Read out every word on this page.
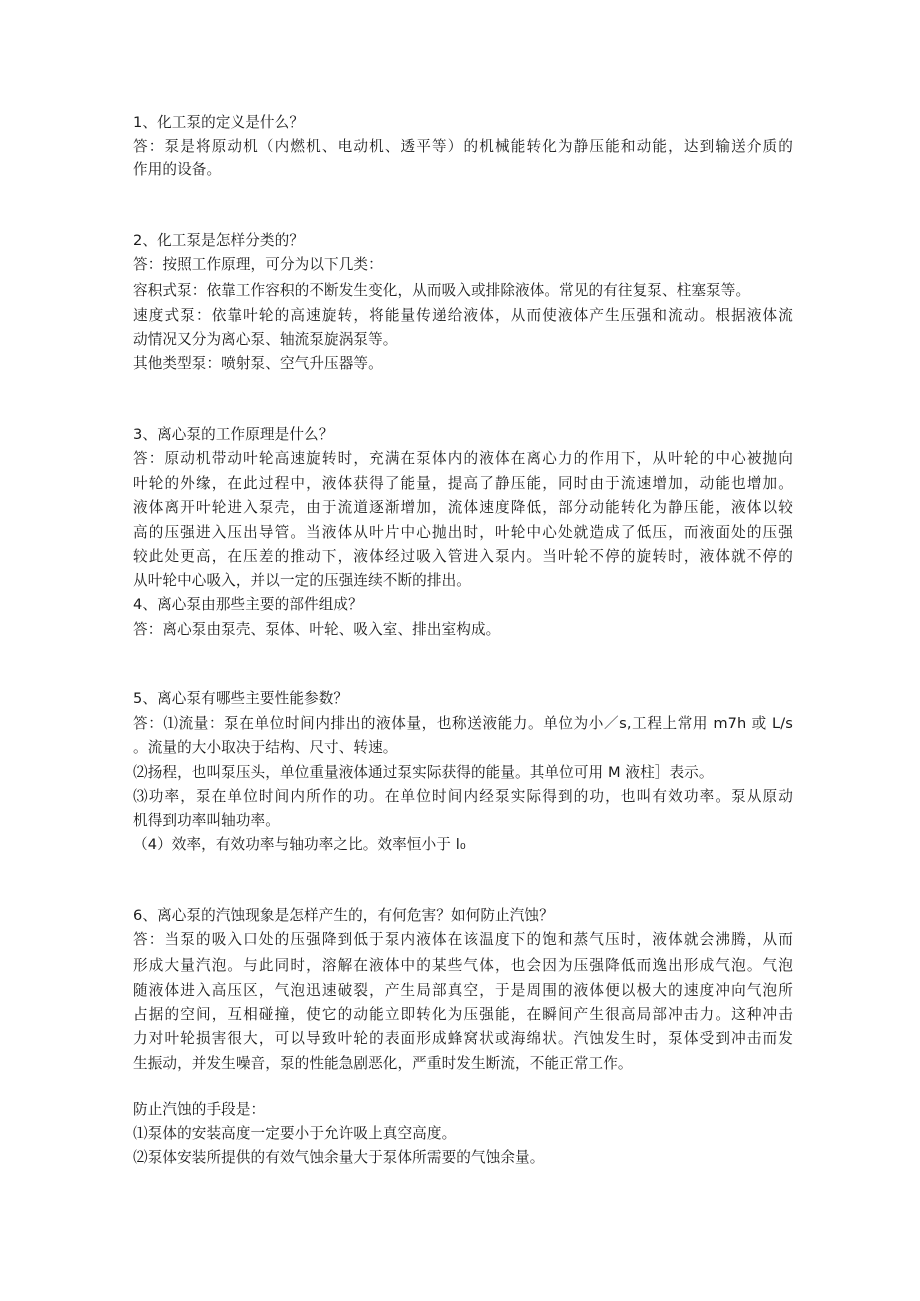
1、化工泵的定义是什么？
答：泵是将原动机（内燃机、电动机、透平等）的机械能转化为静压能和动能，达到输送介质的
作用的设备。
2、化工泵是怎样分类的？
答：按照工作原理，可分为以下几类：
容积式泵：依靠工作容积的不断发生变化，从而吸入或排除液体。常见的有往复泵、柱塞泵等。
速度式泵：依靠叶轮的高速旋转，将能量传递给液体，从而使液体产生压强和流动。根据液体流
动情况又分为离心泵、轴流泵旋涡泵等。
其他类型泵：喷射泵、空气升压器等。
3、离心泵的工作原理是什么？
答：原动机带动叶轮高速旋转时，充满在泵体内的液体在离心力的作用下，从叶轮的中心被抛向
叶轮的外缘，在此过程中，液体获得了能量，提高了静压能，同时由于流速增加，动能也增加。
液体离开叶轮进入泵壳，由于流道逐渐增加，流体速度降低，部分动能转化为静压能，液体以较
高的压强进入压出导管。当液体从叶片中心抛出时，叶轮中心处就造成了低压，而液面处的压强
较此处更高，在压差的推动下，液体经过吸入管进入泵内。当叶轮不停的旋转时，液体就不停的
从叶轮中心吸入，并以一定的压强连续不断的排出。
4、离心泵由那些主要的部件组成？
答：离心泵由泵壳、泵体、叶轮、吸入室、排出室构成。
5、离心泵有哪些主要性能参数？
答：⑴流量：泵在单位时间内排出的液体量，也称送液能力。单位为小／s,工程上常用 m7h 或 L/s
。流量的大小取决于结构、尺寸、转速。
⑵扬程，也叫泵压头，单位重量液体通过泵实际获得的能量。其单位可用 M 液柱］表示。
⑶功率，泵在单位时间内所作的功。在单位时间内经泵实际得到的功，也叫有效功率。泵从原动
机得到功率叫轴功率。
（4）效率，有效功率与轴功率之比。效率恒小于 l₀
6、离心泵的汽蚀现象是怎样产生的，有何危害？如何防止汽蚀？
答：当泵的吸入口处的压强降到低于泵内液体在该温度下的饱和蒸气压时，液体就会沸腾，从而
形成大量汽泡。与此同时，溶解在液体中的某些气体，也会因为压强降低而逸出形成气泡。气泡
随液体进入高压区，气泡迅速破裂，产生局部真空，于是周围的液体便以极大的速度冲向气泡所
占据的空间，互相碰撞，使它的动能立即转化为压强能，在瞬间产生很高局部冲击力。这种冲击
力对叶轮损害很大，可以导致叶轮的表面形成蜂窝状或海绵状。汽蚀发生时，泵体受到冲击而发
生振动，并发生噪音，泵的性能急剧恶化，严重时发生断流，不能正常工作。
防止汽蚀的手段是：
⑴泵体的安装高度一定要小于允许吸上真空高度。
⑵泵体安装所提供的有效气蚀余量大于泵体所需要的气蚀余量。
